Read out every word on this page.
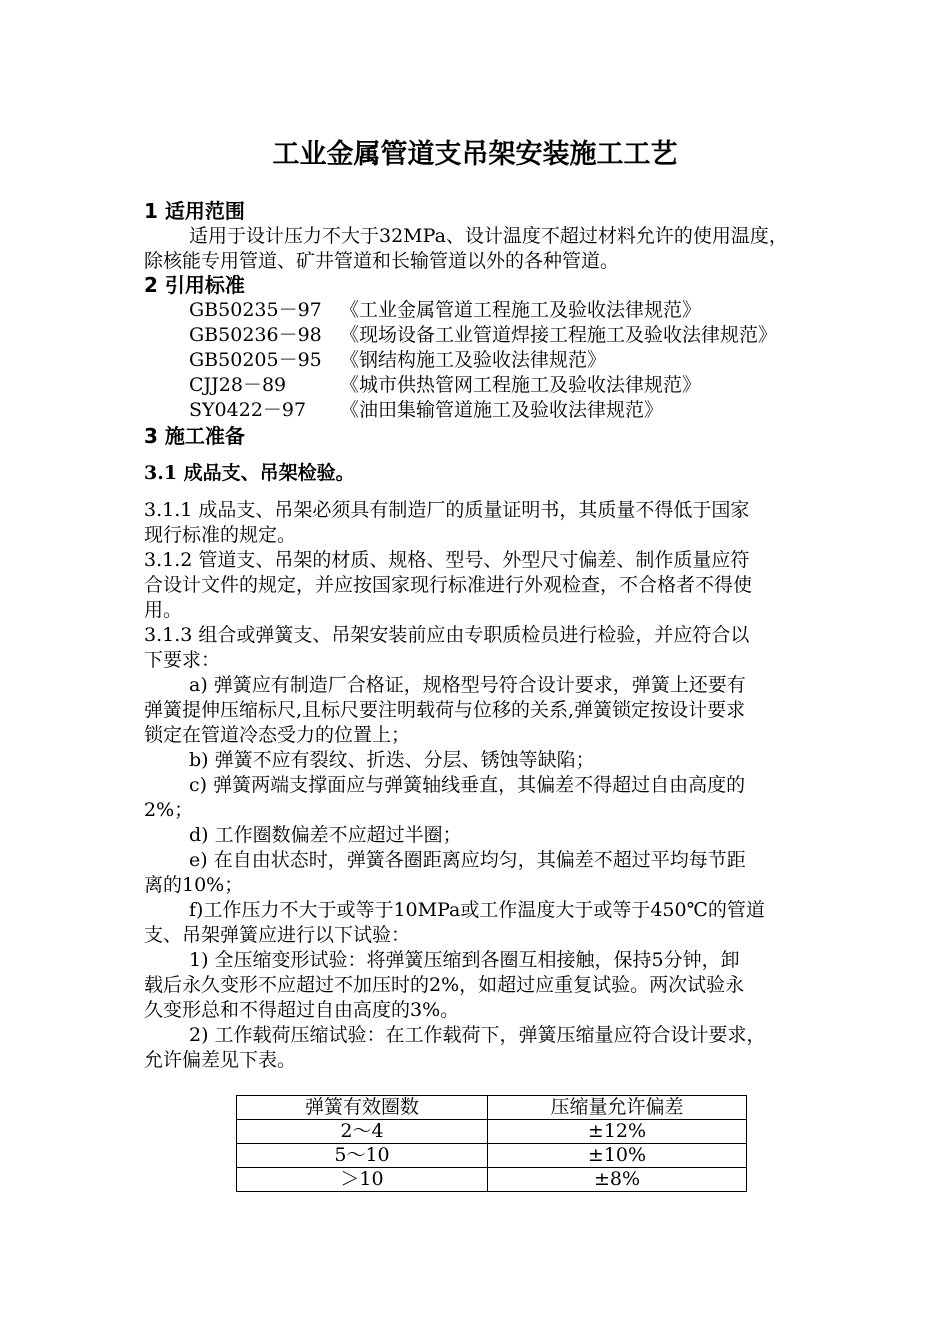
工业金属管道支吊架安装施工工艺
1 适用范围
适用于设计压力不大于32MPa、设计温度不超过材料允许的使用温度，
除核能专用管道、矿井管道和长输管道以外的各种管道。
2 引用标准
GB50235－97 《工业金属管道工程施工及验收法律规范》
GB50236－98 《现场设备工业管道焊接工程施工及验收法律规范》
GB50205－95 《钢结构施工及验收法律规范》
CJJ28－89	《城市供热管网工程施工及验收法律规范》
SY0422－97 《油田集输管道施工及验收法律规范》
3 施工准备
3.1 成品支、吊架检验。
3.1.1 成品支、吊架必须具有制造厂的质量证明书，其质量不得低于国家
现行标准的规定。
3.1.2 管道支、吊架的材质、规格、型号、外型尺寸偏差、制作质量应符
合设计文件的规定，并应按国家现行标准进行外观检查，不合格者不得使
用。
3.1.3 组合或弹簧支、吊架安装前应由专职质检员进行检验，并应符合以
下要求：
a) 弹簧应有制造厂合格证，规格型号符合设计要求，弹簧上还要有
弹簧提伸压缩标尺,且标尺要注明载荷与位移的关系,弹簧锁定按设计要求
锁定在管道冷态受力的位置上；
b) 弹簧不应有裂纹、折迭、分层、锈蚀等缺陷；
c) 弹簧两端支撑面应与弹簧轴线垂直，其偏差不得超过自由高度的
2%；
d) 工作圈数偏差不应超过半圈；
e) 在自由状态时，弹簧各圈距离应均匀，其偏差不超过平均每节距
离的10%；
f)工作压力不大于或等于10MPa或工作温度大于或等于450℃的管道
支、吊架弹簧应进行以下试验：
1) 全压缩变形试验：将弹簧压缩到各圈互相接触，保持5分钟，卸
载后永久变形不应超过不加压时的2%，如超过应重复试验。两次试验永
久变形总和不得超过自由高度的3%。
2) 工作载荷压缩试验：在工作载荷下，弹簧压缩量应符合设计要求，
允许偏差见下表。
弹簧有效圈数	压缩量允许偏差
2～4	±12%
5～10	±10%
＞10	±8%
